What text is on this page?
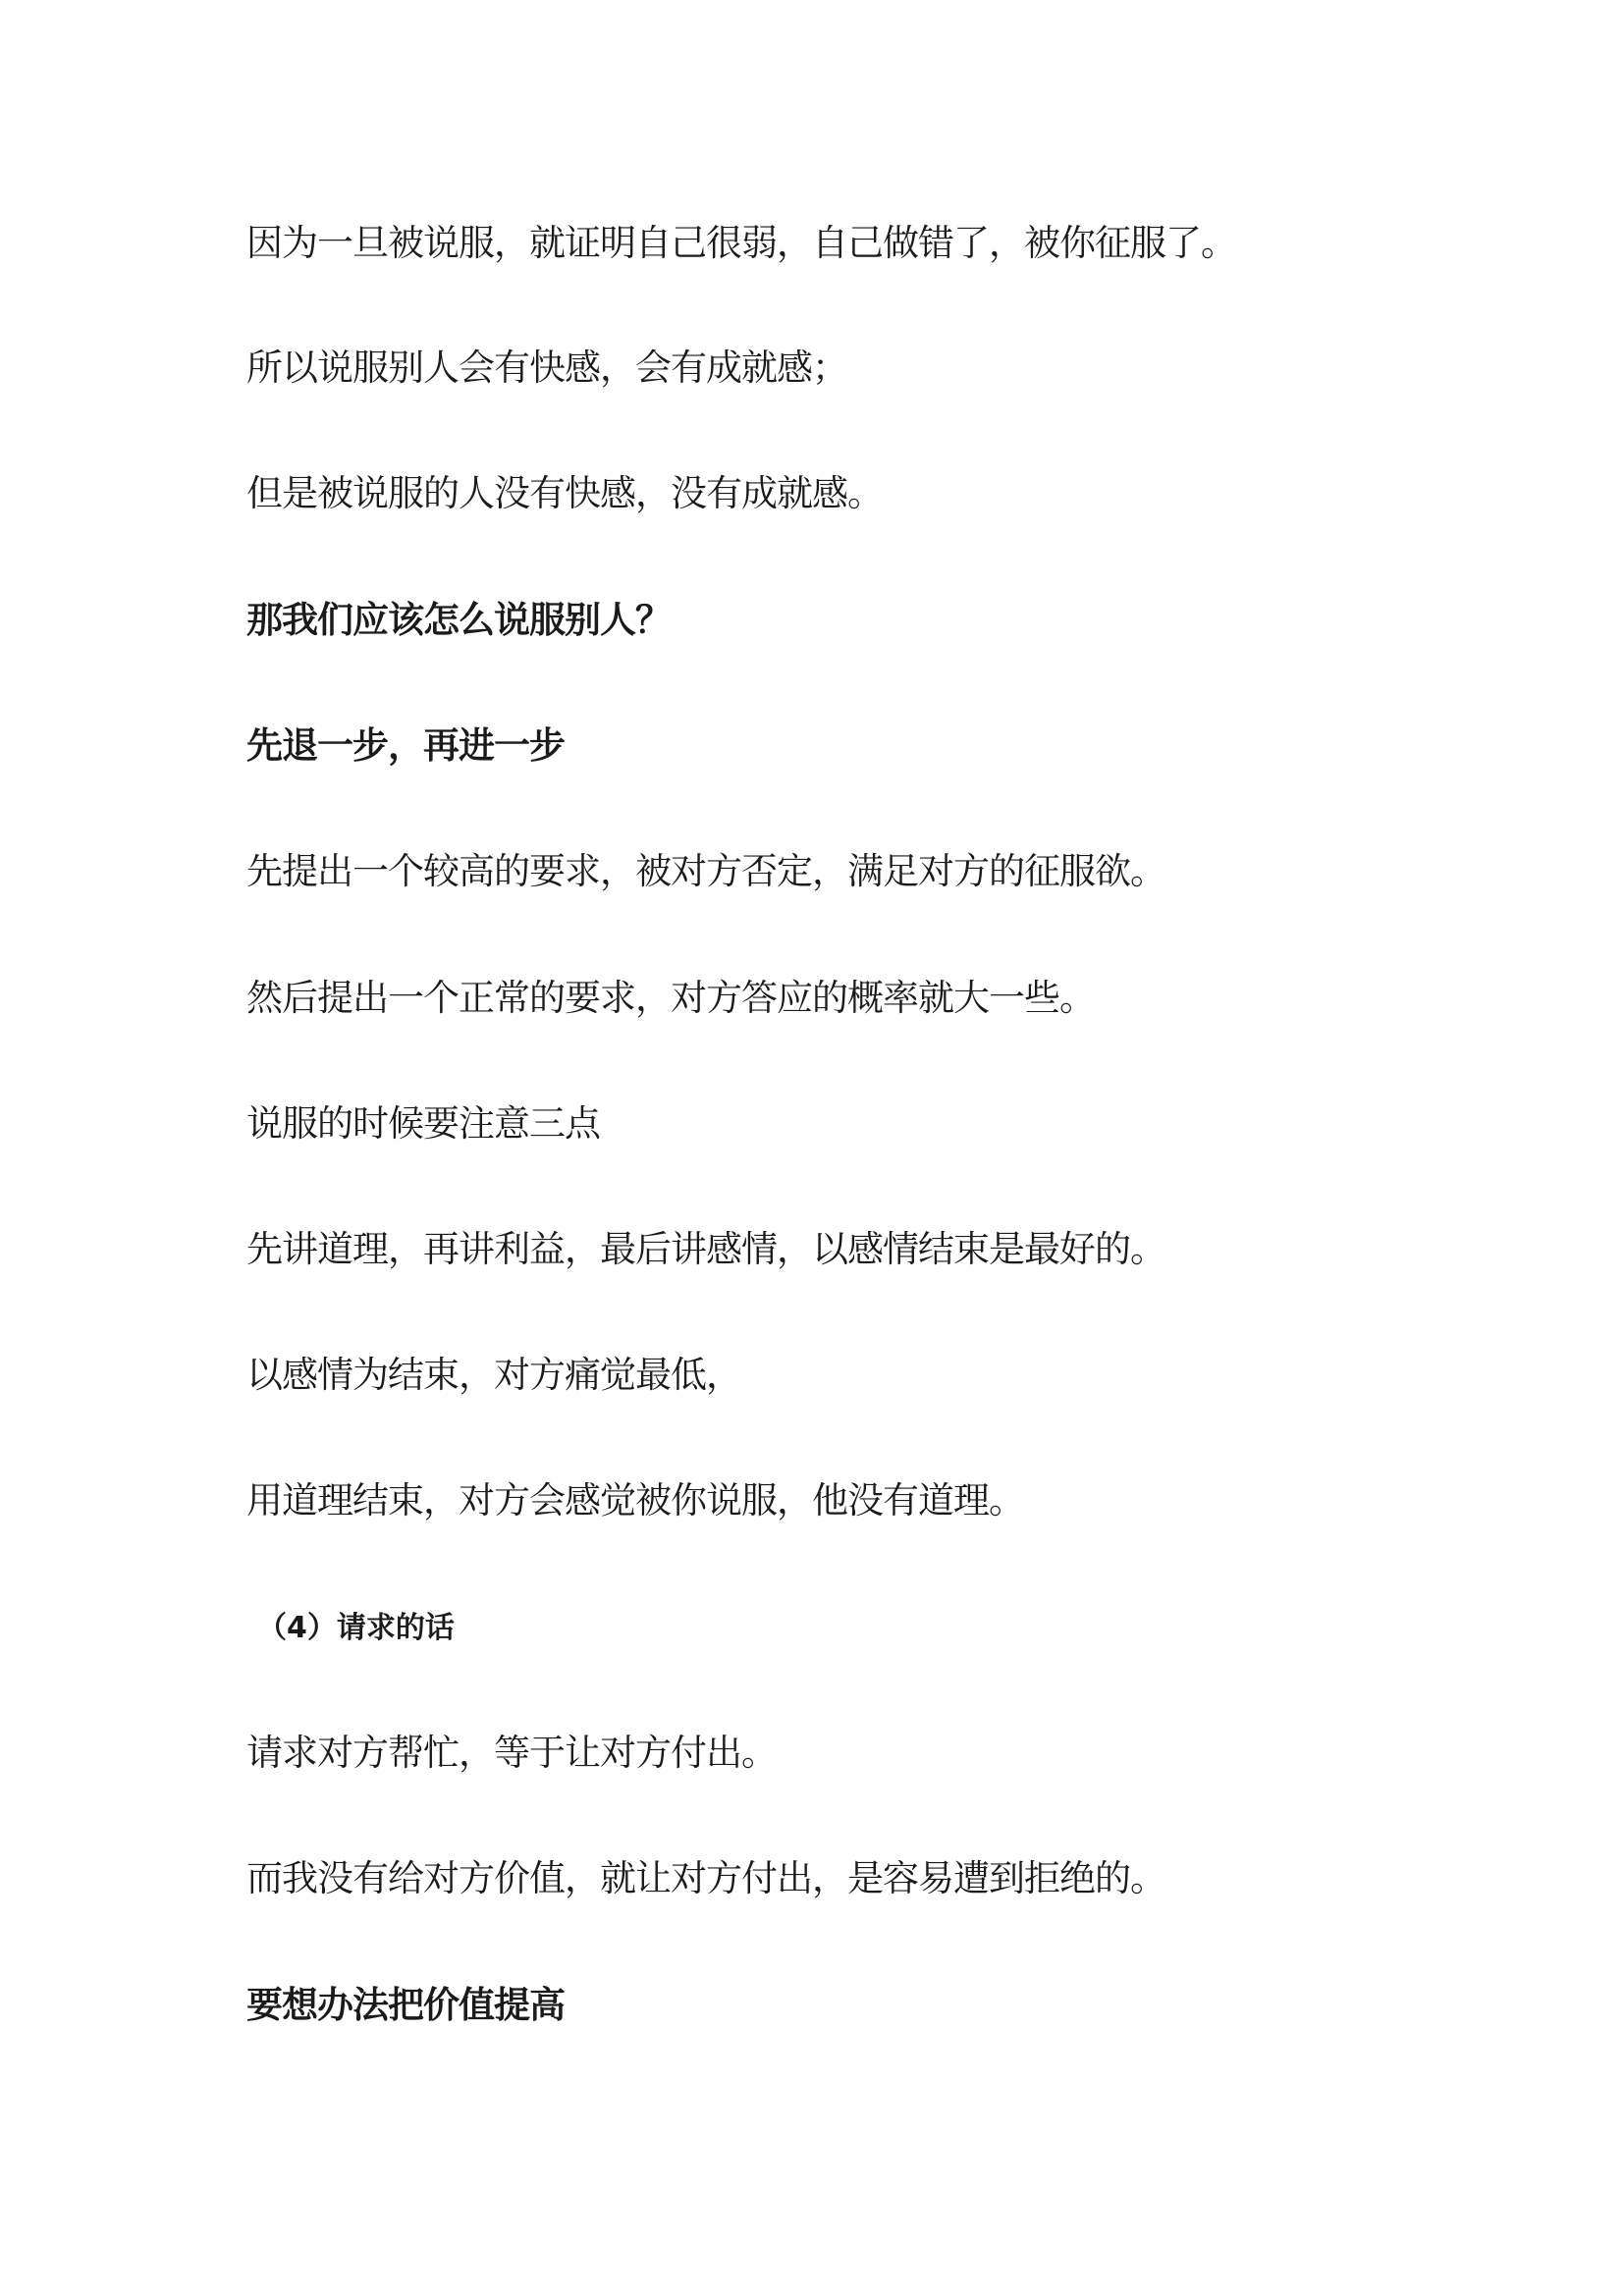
因为一旦被说服，就证明自己很弱，自己做错了，被你征服了。

所以说服别人会有快感，会有成就感；

但是被说服的人没有快感，没有成就感。

那我们应该怎么说服别人？

先退一步，再进一步

先提出一个较高的要求，被对方否定，满足对方的征服欲。

然后提出一个正常的要求，对方答应的概率就大一些。

说服的时候要注意三点

先讲道理，再讲利益，最后讲感情，以感情结束是最好的。

以感情为结束，对方痛觉最低，

用道理结束，对方会感觉被你说服，他没有道理。

（4）请求的话

请求对方帮忙，等于让对方付出。

而我没有给对方价值，就让对方付出，是容易遭到拒绝的。

要想办法把价值提高
